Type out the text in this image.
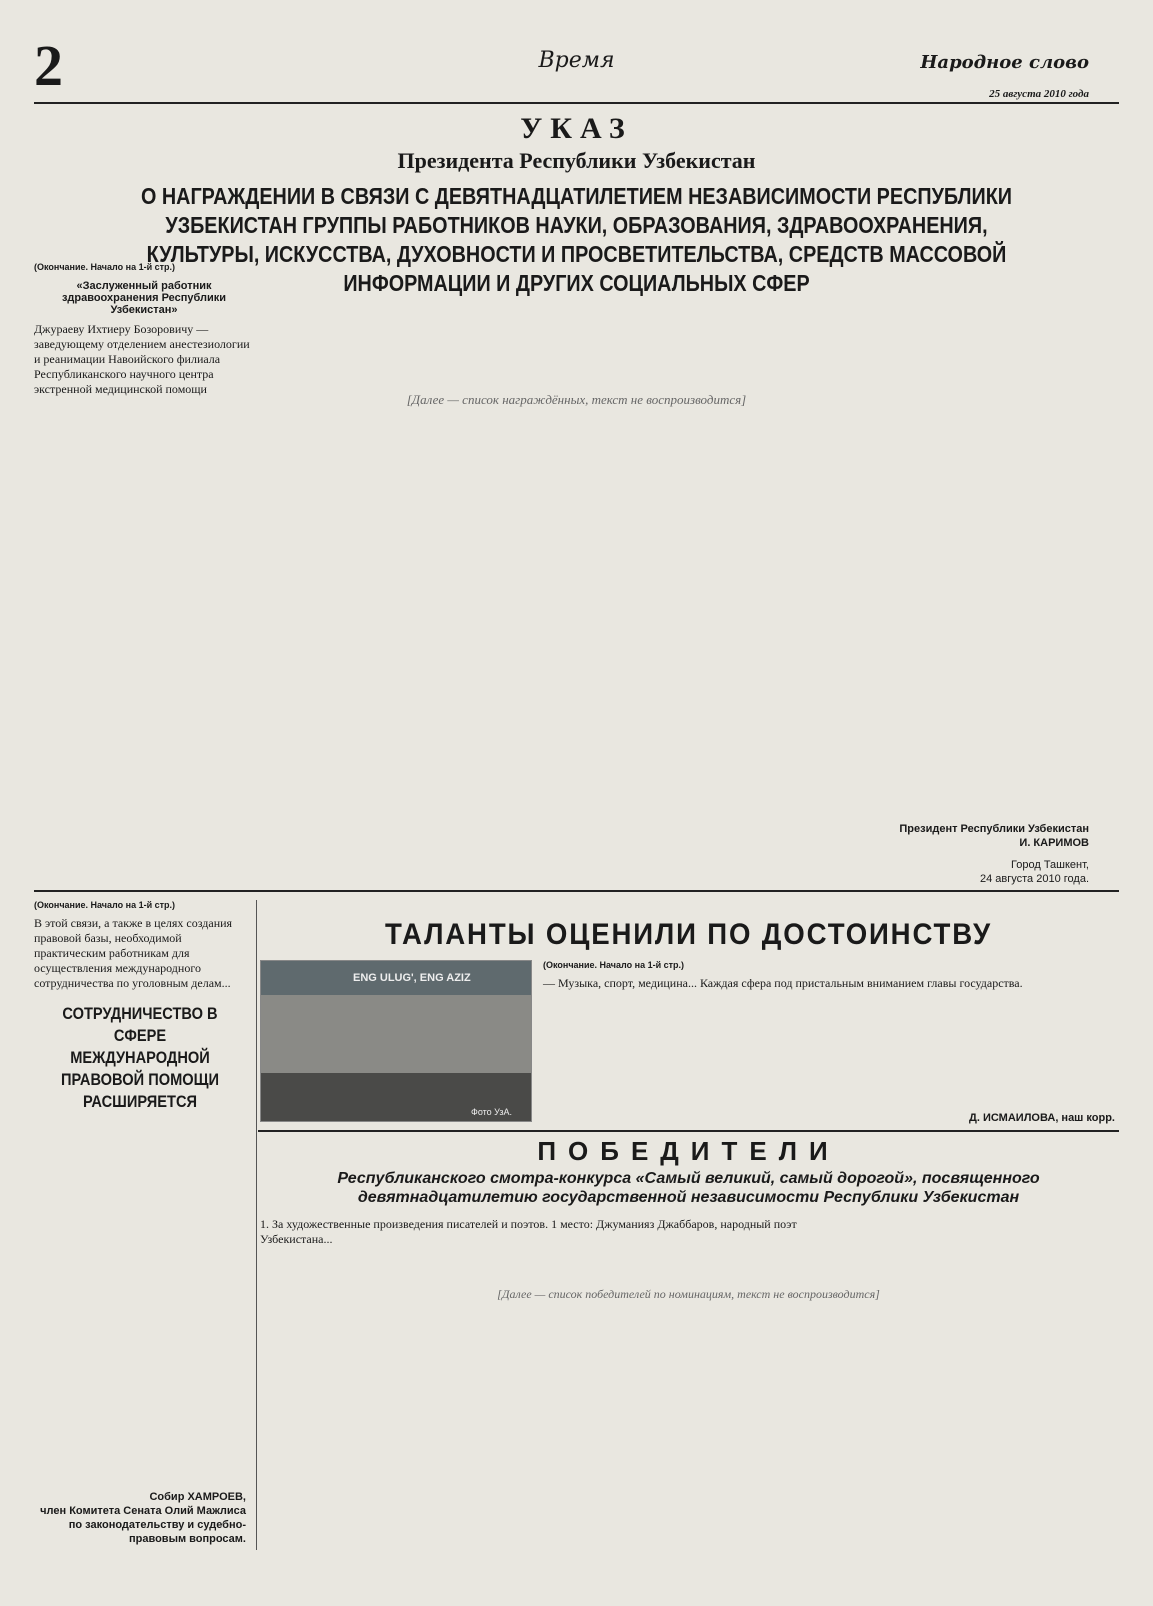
2	Время	Народное слово
25 августа 2010 года
УКАЗ
Президента Республики Узбекистан
О НАГРАЖДЕНИИ В СВЯЗИ С ДЕВЯТНАДЦАТИЛЕТИЕМ НЕЗАВИСИМОСТИ РЕСПУБЛИКИ УЗБЕКИСТАН ГРУППЫ РАБОТНИКОВ НАУКИ, ОБРАЗОВАНИЯ, ЗДРАВООХРАНЕНИЯ, КУЛЬТУРЫ, ИСКУССТВА, ДУХОВНОСТИ И ПРОСВЕТИТЕЛЬСТВА, СРЕДСТВ МАССОВОЙ ИНФОРМАЦИИ И ДРУГИХ СОЦИАЛЬНЫХ СФЕР
(Окончание. Начало на 1-й стр.)

«Заслуженный работник здравоохранения Республики Узбекистан»

Джураеву Ихтиеру Бозоровичу — заведующему отделением анестезиологии и реанимации Навоийского филиала Республиканского научного центра экстренной медицинской помощи

[Далее — список награждённых, текст не воспроизводится]
Президент Республики Узбекистан
И. КАРИМОВ
Город Ташкент,
24 августа 2010 года.
(Окончание. Начало на 1-й стр.)

В этой связи, а также в целях создания правовой базы, необходимой практическим работникам для осуществления международного сотрудничества по уголовным делам...

СОТРУДНИЧЕСТВО В СФЕРЕ МЕЖДУНАРОДНОЙ ПРАВОВОЙ ПОМОЩИ РАСШИРЯЕТСЯ
Собир ХАМРОЕВ,
член Комитета Сената Олий Мажлиса по законодательству и судебно-правовым вопросам.
ТАЛАНТЫ ОЦЕНИЛИ ПО ДОСТОИНСТВУ
ENG ULUG', ENG AZIZ
Фото УзА.
(Окончание. Начало на 1-й стр.)

— Музыка, спорт, медицина... Каждая сфера под пристальным вниманием главы государства.

Д. ИСМАИЛОВА, наш корр.
ПОБЕДИТЕЛИ
Республиканского смотра-конкурса «Самый великий, самый дорогой», посвященного девятнадцатилетию государственной независимости Республики Узбекистан

1. За художественные произведения писателей и поэтов. 1 место: Джуманияз Джаббаров, народный поэт Узбекистана...

[Далее — список победителей по номинациям, текст не воспроизводится]
